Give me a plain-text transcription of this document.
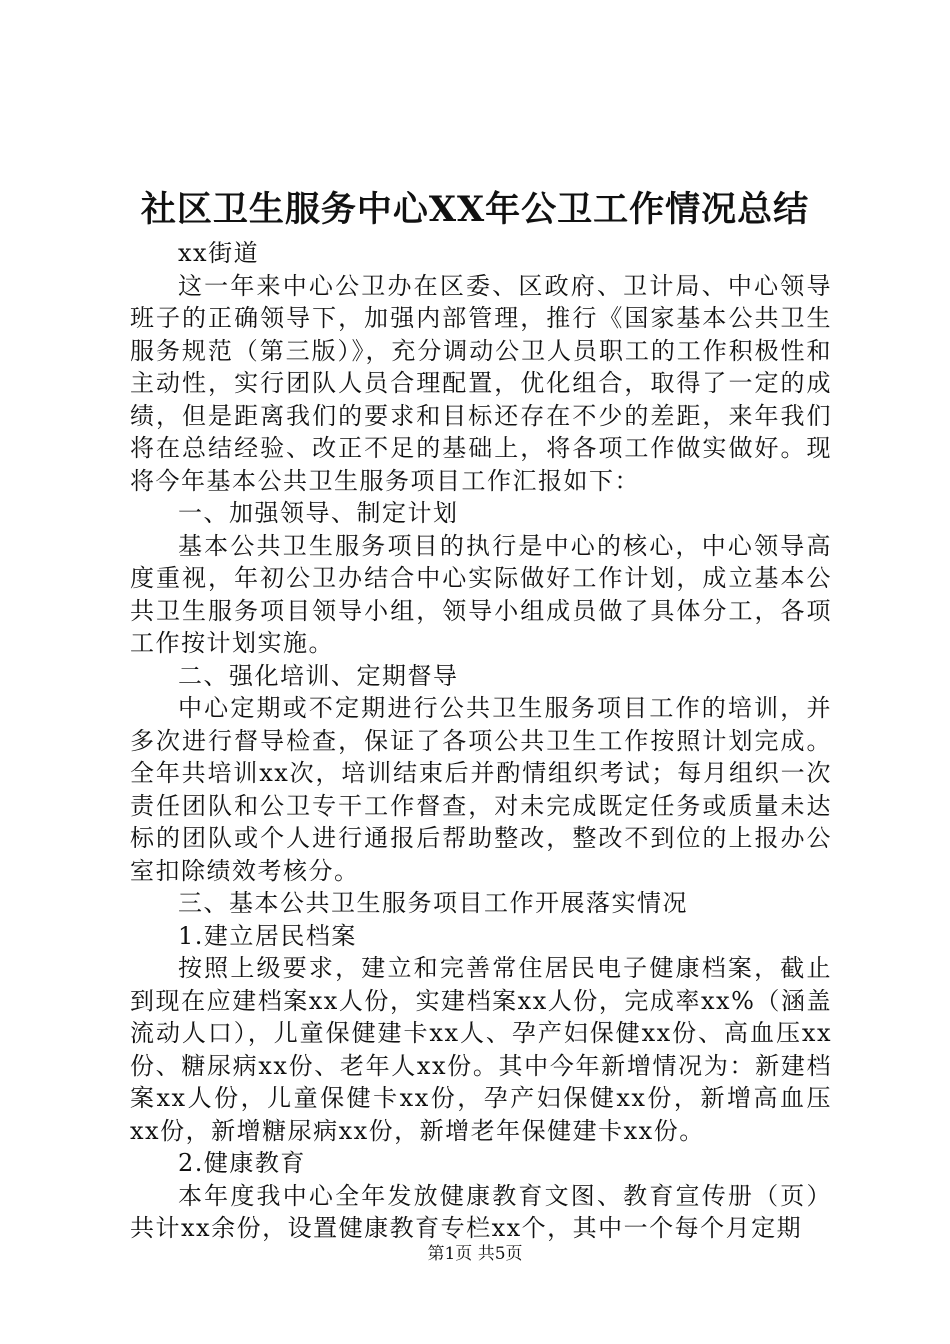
社区卫生服务中心XX年公卫工作情况总结

xx街道

这一年来中心公卫办在区委、区政府、卫计局、中心领导班子的正确领导下，加强内部管理，推行《国家基本公共卫生服务规范（第三版）》，充分调动公卫人员职工的工作积极性和主动性，实行团队人员合理配置，优化组合，取得了一定的成绩，但是距离我们的要求和目标还存在不少的差距，来年我们将在总结经验、改正不足的基础上，将各项工作做实做好。现将今年基本公共卫生服务项目工作汇报如下：

一、加强领导、制定计划

基本公共卫生服务项目的执行是中心的核心，中心领导高度重视，年初公卫办结合中心实际做好工作计划，成立基本公共卫生服务项目领导小组，领导小组成员做了具体分工，各项工作按计划实施。

二、强化培训、定期督导

中心定期或不定期进行公共卫生服务项目工作的培训，并多次进行督导检查，保证了各项公共卫生工作按照计划完成。全年共培训xx次，培训结束后并酌情组织考试；每月组织一次责任团队和公卫专干工作督查，对未完成既定任务或质量未达标的团队或个人进行通报后帮助整改，整改不到位的上报办公室扣除绩效考核分。

三、基本公共卫生服务项目工作开展落实情况

1.建立居民档案

按照上级要求，建立和完善常住居民电子健康档案，截止到现在应建档案xx人份，实建档案xx人份，完成率xx%（涵盖流动人口），儿童保健建卡xx人、孕产妇保健xx份、高血压xx份、糖尿病xx份、老年人xx份。其中今年新增情况为：新建档案xx人份，儿童保健卡xx份，孕产妇保健xx份，新增高血压xx份，新增糖尿病xx份，新增老年保健建卡xx份。

2.健康教育

本年度我中心全年发放健康教育文图、教育宣传册（页）共计xx余份，设置健康教育专栏xx个，其中一个每个月定期

第1页 共5页
